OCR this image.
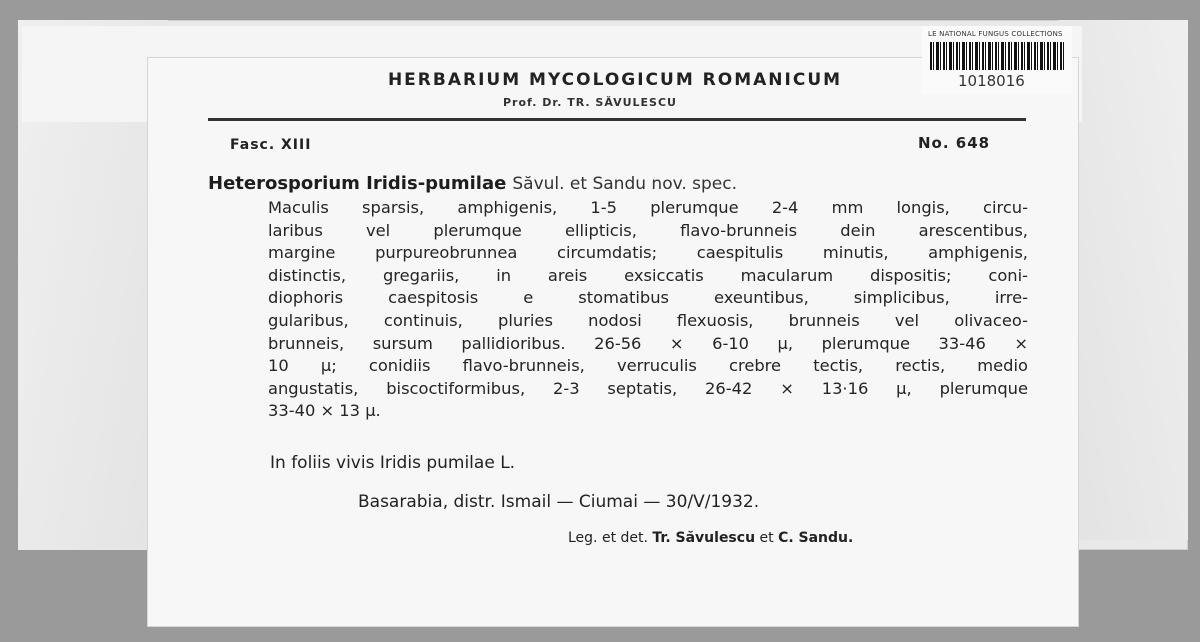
LE NATIONAL FUNGUS COLLECTIONS
1018016
HERBARIUM MYCOLOGICUM ROMANICUM
Prof. Dr. TR. SĂVULESCU
Fasc. XIII	No. 648
Heterosporium Iridis-pumilae Săvul. et Sandu nov. spec.
Maculis sparsis, amphigenis, 1-5 plerumque 2-4 mm longis, circu-
laribus vel plerumque ellipticis, flavo-brunneis dein arescentibus,
margine purpureobrunnea circumdatis; caespitulis minutis, amphigenis,
distinctis, gregariis, in areis exsiccatis macularum dispositis; coni-
diophoris caespitosis e stomatibus exeuntibus, simplicibus, irre-
gularibus, continuis, pluries nodosi flexuosis, brunneis vel olivaceo-
brunneis, sursum pallidioribus. 26-56 × 6-10 μ, plerumque 33-46 ×
10 μ; conidiis flavo-brunneis, verruculis crebre tectis, rectis, medio
angustatis, biscoctiformibus, 2-3 septatis, 26-42 × 13·16 μ, plerumque
33-40 × 13 μ.
In foliis vivis Iridis pumilae L.
Basarabia, distr. Ismail — Ciumai — 30/V/1932.
Leg. et det. Tr. Săvulescu et C. Sandu.
